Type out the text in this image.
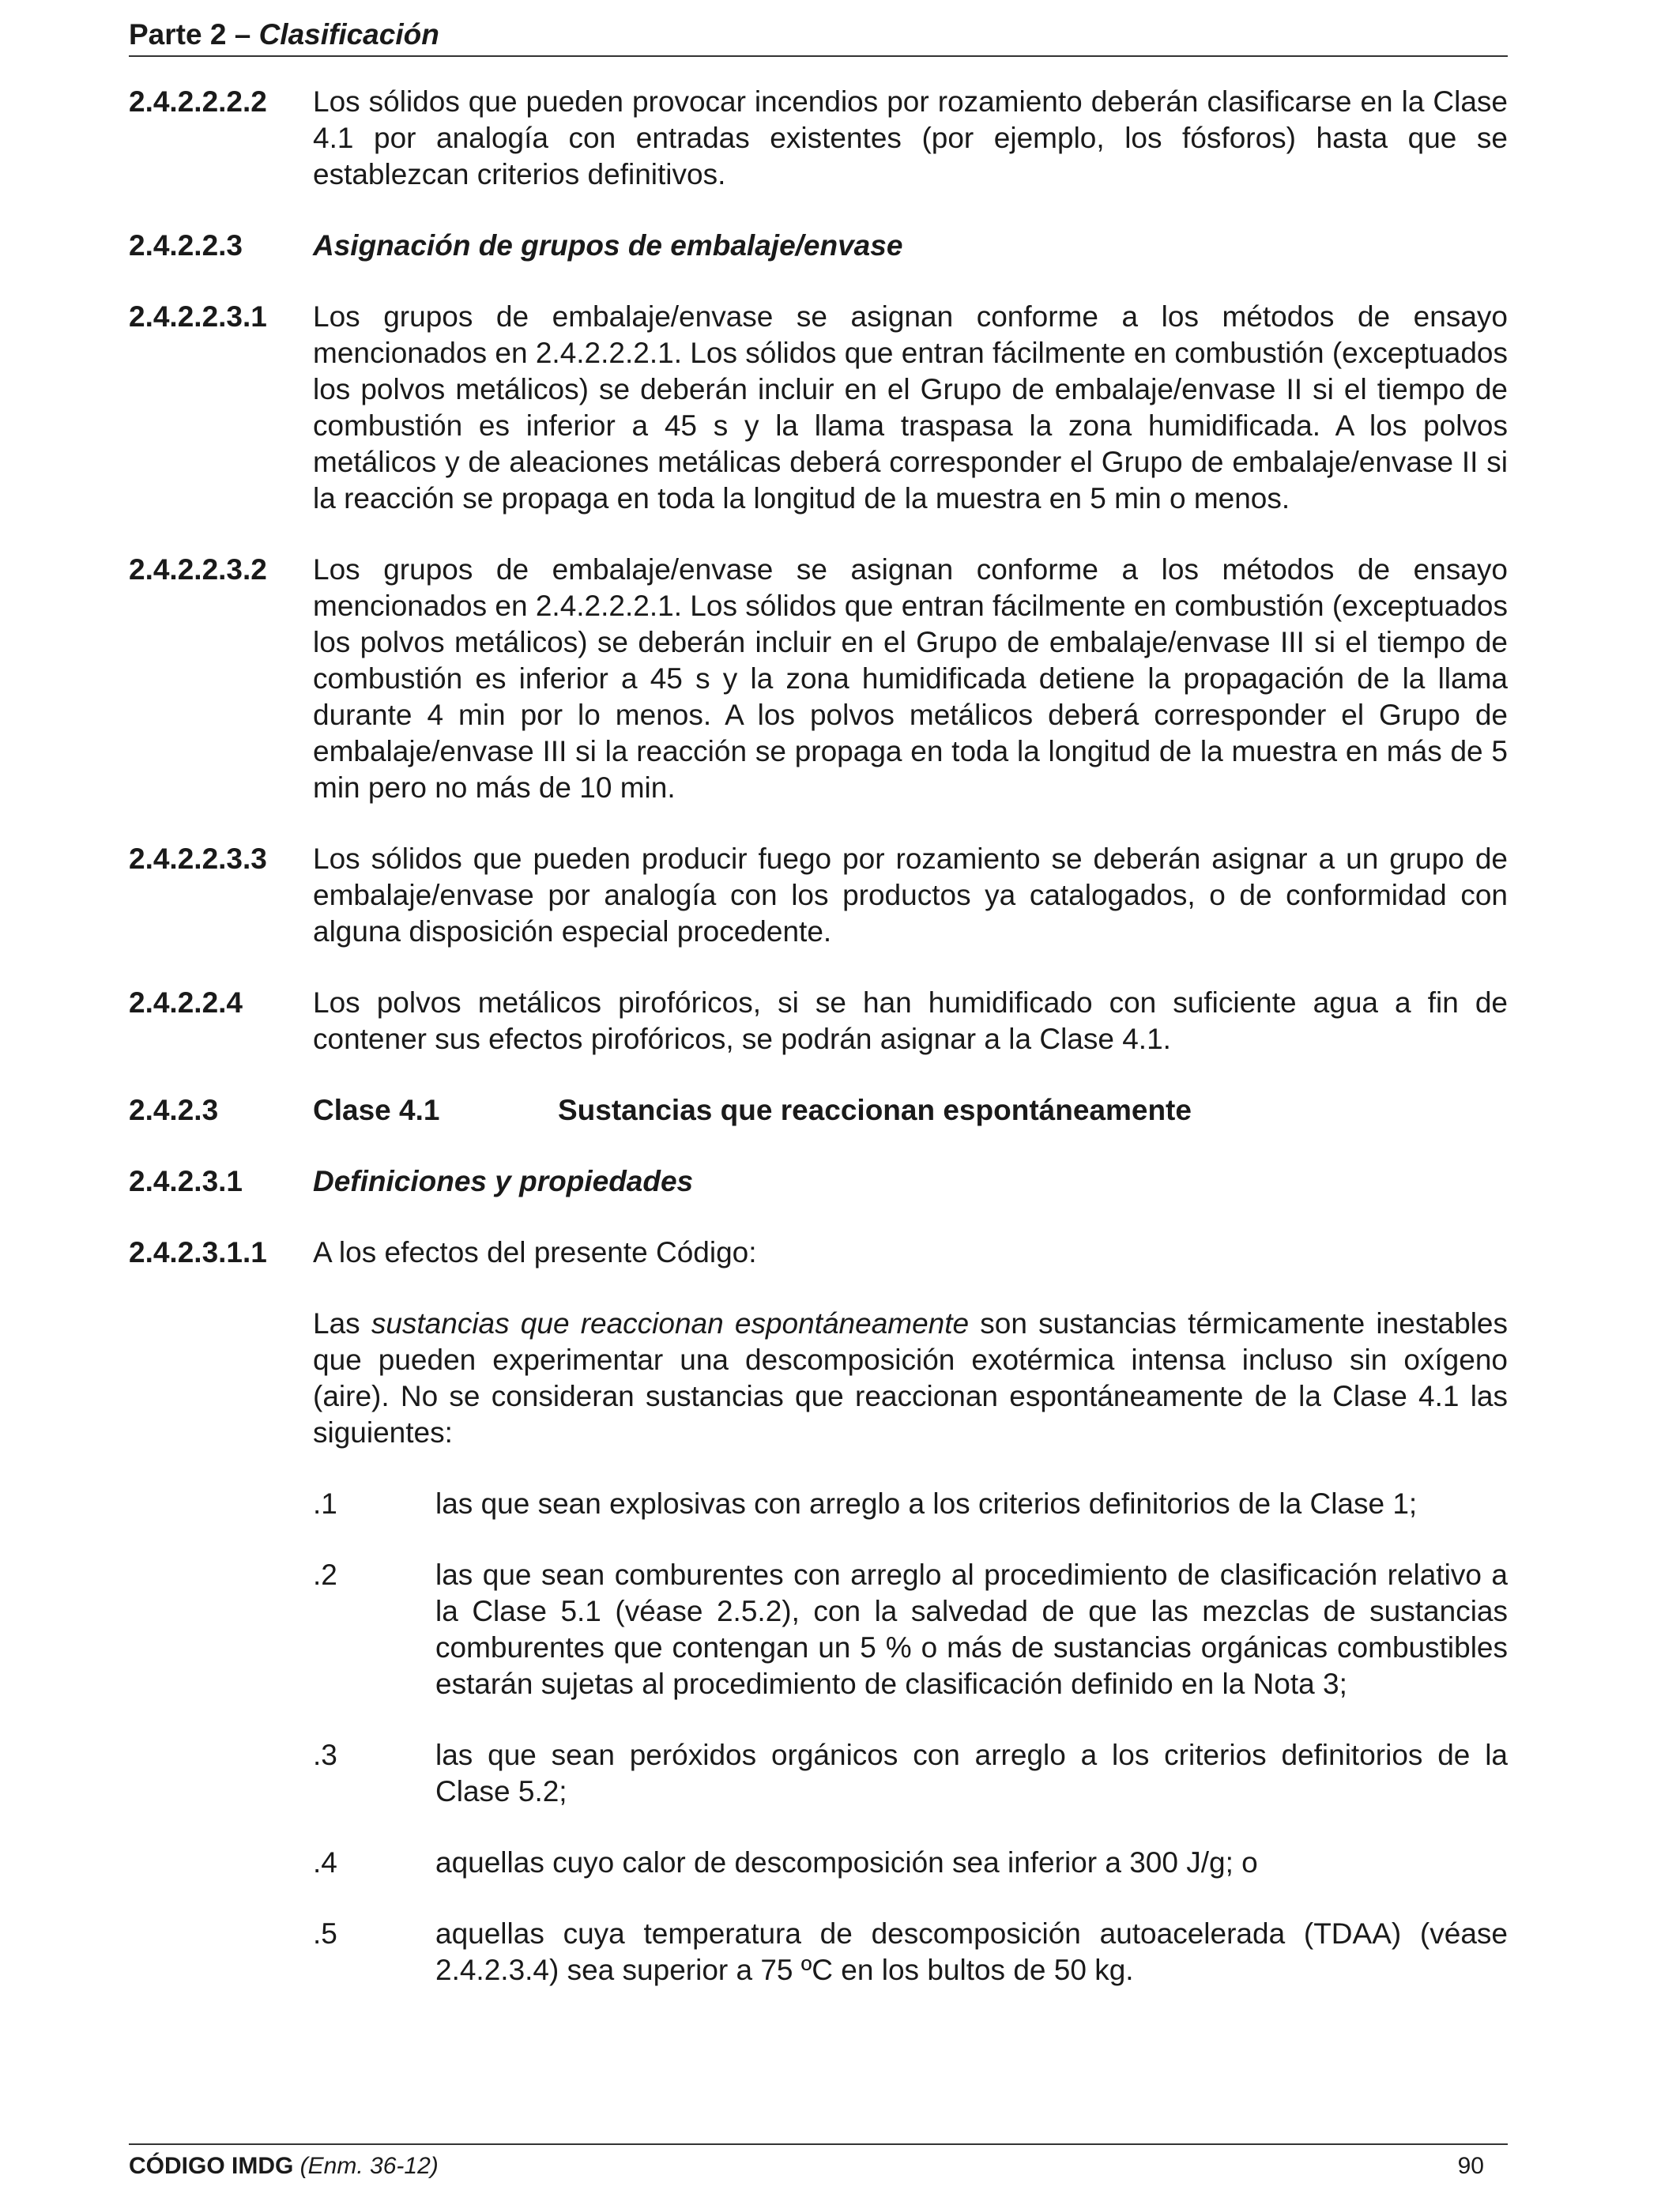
Parte 2 – Clasificación
2.4.2.2.2.2	Los sólidos que pueden provocar incendios por rozamiento deberán clasificarse en la Clase 4.1 por analogía con entradas existentes (por ejemplo, los fósforos) hasta que se establezcan criterios definitivos.
2.4.2.2.3	Asignación de grupos de embalaje/envase
2.4.2.2.3.1	Los grupos de embalaje/envase se asignan conforme a los métodos de ensayo mencionados en 2.4.2.2.2.1. Los sólidos que entran fácilmente en combustión (exceptuados los polvos metálicos) se deberán incluir en el Grupo de embalaje/envase II si el tiempo de combustión es inferior a 45 s y la llama traspasa la zona humidificada. A los polvos metálicos y de aleaciones metálicas deberá corresponder el Grupo de embalaje/envase II si la reacción se propaga en toda la longitud de la muestra en 5 min o menos.
2.4.2.2.3.2	Los grupos de embalaje/envase se asignan conforme a los métodos de ensayo mencionados en 2.4.2.2.2.1. Los sólidos que entran fácilmente en combustión (exceptuados los polvos metálicos) se deberán incluir en el Grupo de embalaje/envase III si el tiempo de combustión es inferior a 45 s y la zona humidificada detiene la propagación de la llama durante 4 min por lo menos. A los polvos metálicos deberá corresponder el Grupo de embalaje/envase III si la reacción se propaga en toda la longitud de la muestra en más de 5 min pero no más de 10 min.
2.4.2.2.3.3	Los sólidos que pueden producir fuego por rozamiento se deberán asignar a un grupo de embalaje/envase por analogía con los productos ya catalogados, o de conformidad con alguna disposición especial procedente.
2.4.2.2.4	Los polvos metálicos pirofóricos, si se han humidificado con suficiente agua a fin de contener sus efectos pirofóricos, se podrán asignar a la Clase 4.1.
2.4.2.3	Clase 4.1	Sustancias que reaccionan espontáneamente
2.4.2.3.1	Definiciones y propiedades
2.4.2.3.1.1	A los efectos del presente Código:
Las sustancias que reaccionan espontáneamente son sustancias térmicamente inestables que pueden experimentar una descomposición exotérmica intensa incluso sin oxígeno (aire). No se consideran sustancias que reaccionan espontáneamente de la Clase 4.1 las siguientes:
.1	las que sean explosivas con arreglo a los criterios definitorios de la Clase 1;
.2	las que sean comburentes con arreglo al procedimiento de clasificación relativo a la Clase 5.1 (véase 2.5.2), con la salvedad de que las mezclas de sustancias comburentes que contengan un 5 % o más de sustancias orgánicas combustibles estarán sujetas al procedimiento de clasificación definido en la Nota 3;
.3	las que sean peróxidos orgánicos con arreglo a los criterios definitorios de la Clase 5.2;
.4	aquellas cuyo calor de descomposición sea inferior a 300 J/g; o
.5	aquellas cuya temperatura de descomposición autoacelerada (TDAA) (véase 2.4.2.3.4) sea superior a 75 ºC en los bultos de 50 kg.
CÓDIGO IMDG (Enm. 36-12)	90
